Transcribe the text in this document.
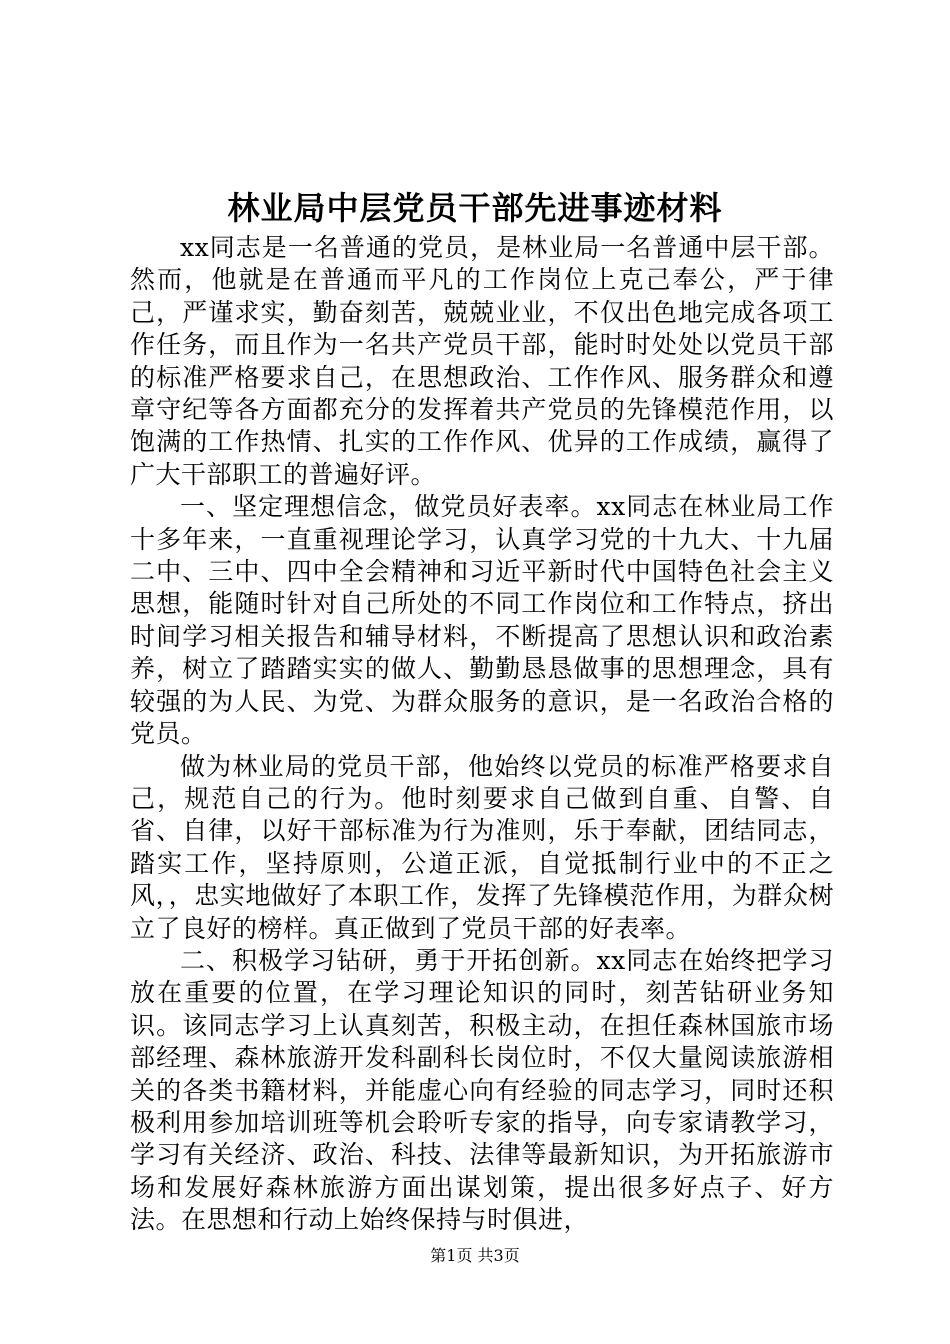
林业局中层党员干部先进事迹材料

xx同志是一名普通的党员，是林业局一名普通中层干部。然而，他就是在普通而平凡的工作岗位上克己奉公，严于律己，严谨求实，勤奋刻苦，兢兢业业，不仅出色地完成各项工作任务，而且作为一名共产党员干部，能时时处处以党员干部的标准严格要求自己，在思想政治、工作作风、服务群众和遵章守纪等各方面都充分的发挥着共产党员的先锋模范作用，以饱满的工作热情、扎实的工作作风、优异的工作成绩，赢得了广大干部职工的普遍好评。

一、坚定理想信念，做党员好表率。xx同志在林业局工作十多年来，一直重视理论学习，认真学习党的十九大、十九届二中、三中、四中全会精神和习近平新时代中国特色社会主义思想，能随时针对自己所处的不同工作岗位和工作特点，挤出时间学习相关报告和辅导材料，不断提高了思想认识和政治素养，树立了踏踏实实的做人、勤勤恳恳做事的思想理念，具有较强的为人民、为党、为群众服务的意识，是一名政治合格的党员。

做为林业局的党员干部，他始终以党员的标准严格要求自己，规范自己的行为。他时刻要求自己做到自重、自警、自省、自律，以好干部标准为行为准则，乐于奉献，团结同志，踏实工作，坚持原则，公道正派，自觉抵制行业中的不正之风，，忠实地做好了本职工作，发挥了先锋模范作用，为群众树立了良好的榜样。真正做到了党员干部的好表率。

二、积极学习钻研，勇于开拓创新。xx同志在始终把学习放在重要的位置，在学习理论知识的同时，刻苦钻研业务知识。该同志学习上认真刻苦，积极主动，在担任森林国旅市场部经理、森林旅游开发科副科长岗位时，不仅大量阅读旅游相关的各类书籍材料，并能虚心向有经验的同志学习，同时还积极利用参加培训班等机会聆听专家的指导，向专家请教学习，学习有关经济、政治、科技、法律等最新知识，为开拓旅游市场和发展好森林旅游方面出谋划策，提出很多好点子、好方法。在思想和行动上始终保持与时俱进，

第1页 共3页
